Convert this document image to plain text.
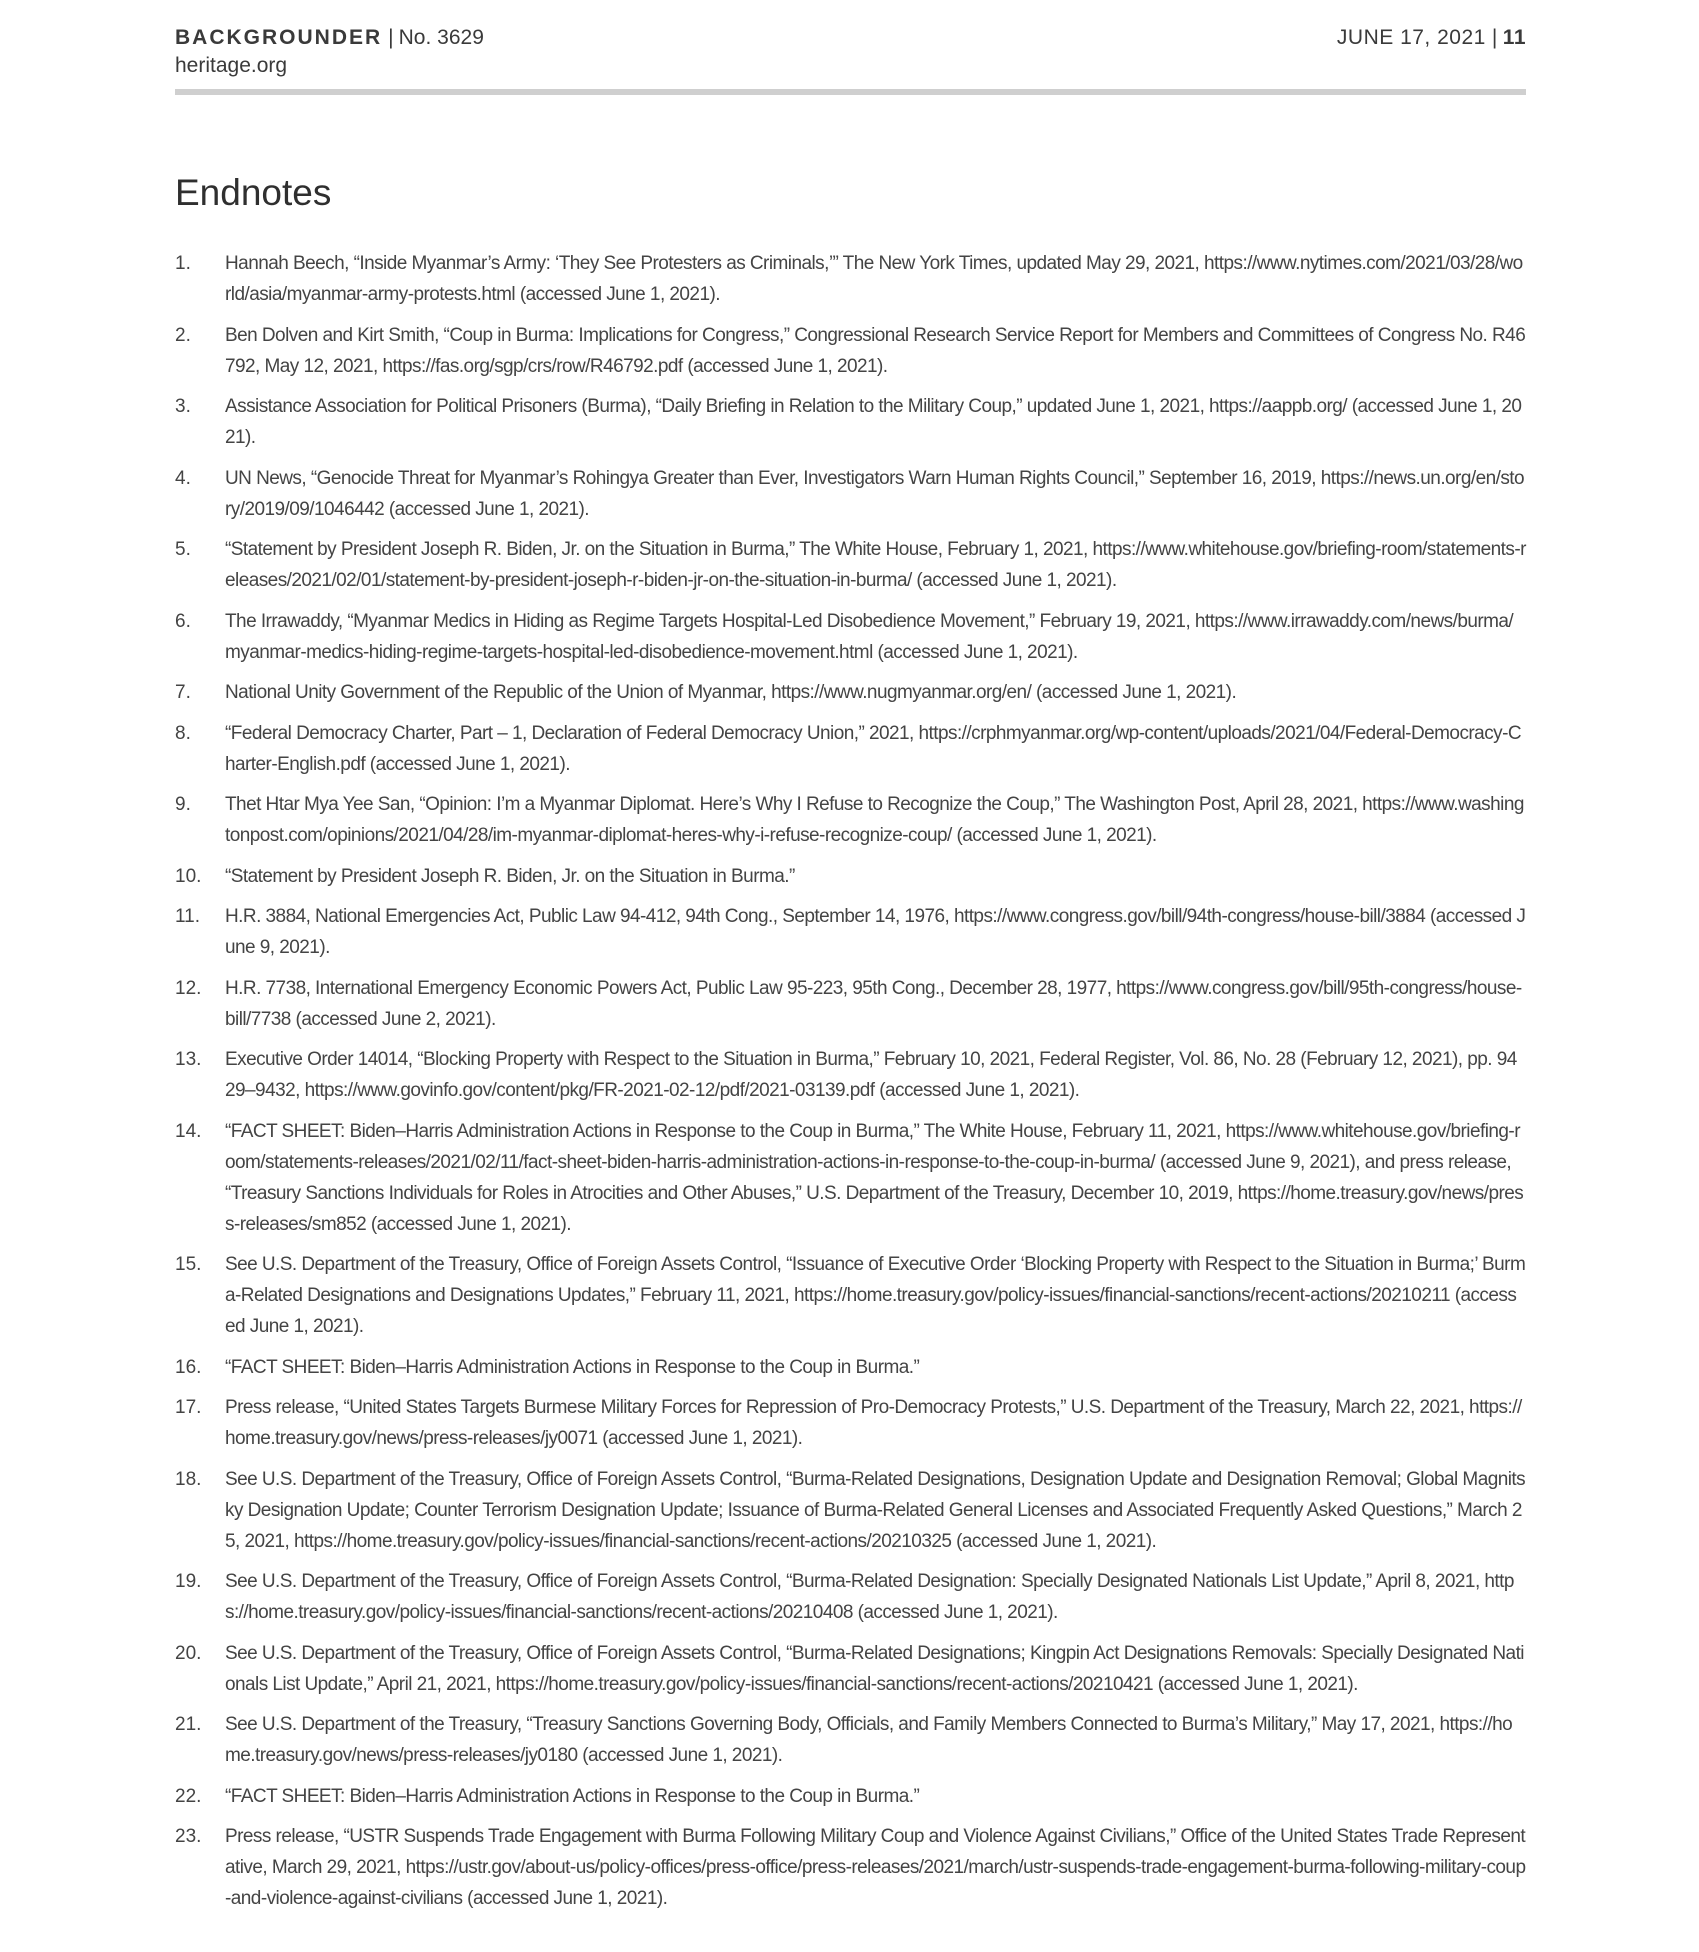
BACKGROUNDER | No. 3629
heritage.org
JUNE 17, 2021 | 11
Endnotes
1.	Hannah Beech, “Inside Myanmar’s Army: ‘They See Protesters as Criminals,’” The New York Times, updated May 29, 2021, https://www.nytimes.com/2021/03/28/world/asia/myanmar-army-protests.html (accessed June 1, 2021).
2.	Ben Dolven and Kirt Smith, “Coup in Burma: Implications for Congress,” Congressional Research Service Report for Members and Committees of Congress No. R46792, May 12, 2021, https://fas.org/sgp/crs/row/R46792.pdf (accessed June 1, 2021).
3.	Assistance Association for Political Prisoners (Burma), “Daily Briefing in Relation to the Military Coup,” updated June 1, 2021, https://aappb.org/ (accessed June 1, 2021).
4.	UN News, “Genocide Threat for Myanmar’s Rohingya Greater than Ever, Investigators Warn Human Rights Council,” September 16, 2019, https://news.un.org/en/story/2019/09/1046442 (accessed June 1, 2021).
5.	“Statement by President Joseph R. Biden, Jr. on the Situation in Burma,” The White House, February 1, 2021, https://www.whitehouse.gov/briefing-room/statements-releases/2021/02/01/statement-by-president-joseph-r-biden-jr-on-the-situation-in-burma/ (accessed June 1, 2021).
6.	The Irrawaddy, “Myanmar Medics in Hiding as Regime Targets Hospital-Led Disobedience Movement,” February 19, 2021, https://www.irrawaddy.com/news/burma/myanmar-medics-hiding-regime-targets-hospital-led-disobedience-movement.html (accessed June 1, 2021).
7.	National Unity Government of the Republic of the Union of Myanmar, https://www.nugmyanmar.org/en/ (accessed June 1, 2021).
8.	“Federal Democracy Charter, Part – 1, Declaration of Federal Democracy Union,” 2021, https://crphmyanmar.org/wp-content/uploads/2021/04/Federal-Democracy-Charter-English.pdf (accessed June 1, 2021).
9.	Thet Htar Mya Yee San, “Opinion: I’m a Myanmar Diplomat. Here’s Why I Refuse to Recognize the Coup,” The Washington Post, April 28, 2021, https://www.washingtonpost.com/opinions/2021/04/28/im-myanmar-diplomat-heres-why-i-refuse-recognize-coup/ (accessed June 1, 2021).
10.	“Statement by President Joseph R. Biden, Jr. on the Situation in Burma.”
11.	H.R. 3884, National Emergencies Act, Public Law 94-412, 94th Cong., September 14, 1976, https://www.congress.gov/bill/94th-congress/house-bill/3884 (accessed June 9, 2021).
12.	H.R. 7738, International Emergency Economic Powers Act, Public Law 95-223, 95th Cong., December 28, 1977, https://www.congress.gov/bill/95th-congress/house-bill/7738 (accessed June 2, 2021).
13.	Executive Order 14014, “Blocking Property with Respect to the Situation in Burma,” February 10, 2021, Federal Register, Vol. 86, No. 28 (February 12, 2021), pp. 9429–9432, https://www.govinfo.gov/content/pkg/FR-2021-02-12/pdf/2021-03139.pdf (accessed June 1, 2021).
14.	“FACT SHEET: Biden–Harris Administration Actions in Response to the Coup in Burma,” The White House, February 11, 2021, https://www.whitehouse.gov/briefing-room/statements-releases/2021/02/11/fact-sheet-biden-harris-administration-actions-in-response-to-the-coup-in-burma/ (accessed June 9, 2021), and press release, “Treasury Sanctions Individuals for Roles in Atrocities and Other Abuses,” U.S. Department of the Treasury, December 10, 2019, https://home.treasury.gov/news/press-releases/sm852 (accessed June 1, 2021).
15.	See U.S. Department of the Treasury, Office of Foreign Assets Control, “Issuance of Executive Order ‘Blocking Property with Respect to the Situation in Burma;’ Burma-Related Designations and Designations Updates,” February 11, 2021, https://home.treasury.gov/policy-issues/financial-sanctions/recent-actions/20210211 (accessed June 1, 2021).
16.	“FACT SHEET: Biden–Harris Administration Actions in Response to the Coup in Burma.”
17.	Press release, “United States Targets Burmese Military Forces for Repression of Pro-Democracy Protests,” U.S. Department of the Treasury, March 22, 2021, https://home.treasury.gov/news/press-releases/jy0071 (accessed June 1, 2021).
18.	See U.S. Department of the Treasury, Office of Foreign Assets Control, “Burma-Related Designations, Designation Update and Designation Removal; Global Magnitsky Designation Update; Counter Terrorism Designation Update; Issuance of Burma-Related General Licenses and Associated Frequently Asked Questions,” March 25, 2021, https://home.treasury.gov/policy-issues/financial-sanctions/recent-actions/20210325 (accessed June 1, 2021).
19.	See U.S. Department of the Treasury, Office of Foreign Assets Control, “Burma-Related Designation: Specially Designated Nationals List Update,” April 8, 2021, https://home.treasury.gov/policy-issues/financial-sanctions/recent-actions/20210408 (accessed June 1, 2021).
20.	See U.S. Department of the Treasury, Office of Foreign Assets Control, “Burma-Related Designations; Kingpin Act Designations Removals: Specially Designated Nationals List Update,” April 21, 2021, https://home.treasury.gov/policy-issues/financial-sanctions/recent-actions/20210421 (accessed June 1, 2021).
21.	See U.S. Department of the Treasury, “Treasury Sanctions Governing Body, Officials, and Family Members Connected to Burma’s Military,” May 17, 2021, https://home.treasury.gov/news/press-releases/jy0180 (accessed June 1, 2021).
22.	“FACT SHEET: Biden–Harris Administration Actions in Response to the Coup in Burma.”
23.	Press release, “USTR Suspends Trade Engagement with Burma Following Military Coup and Violence Against Civilians,” Office of the United States Trade Representative, March 29, 2021, https://ustr.gov/about-us/policy-offices/press-office/press-releases/2021/march/ustr-suspends-trade-engagement-burma-following-military-coup-and-violence-against-civilians (accessed June 1, 2021).
